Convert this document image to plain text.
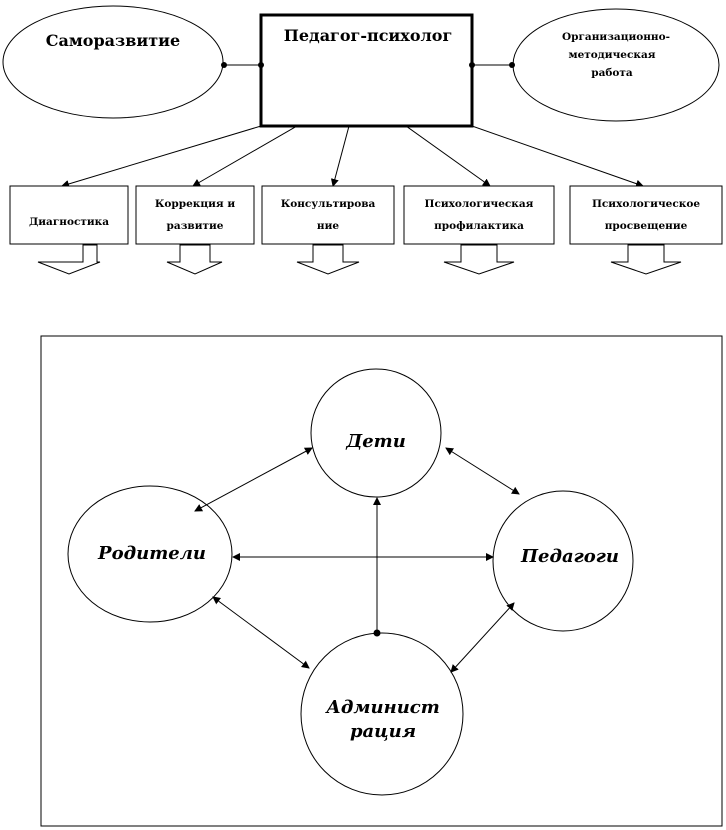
Саморазвитие	Организационно-
методическая
работа
Педагог-психолог
Диагностика
Коррекция и
развитие
Консультирова
ние
Психологическая
профилактика
Психологическое
просвещение
Дети
Родители	Педагоги
Админист
рация
